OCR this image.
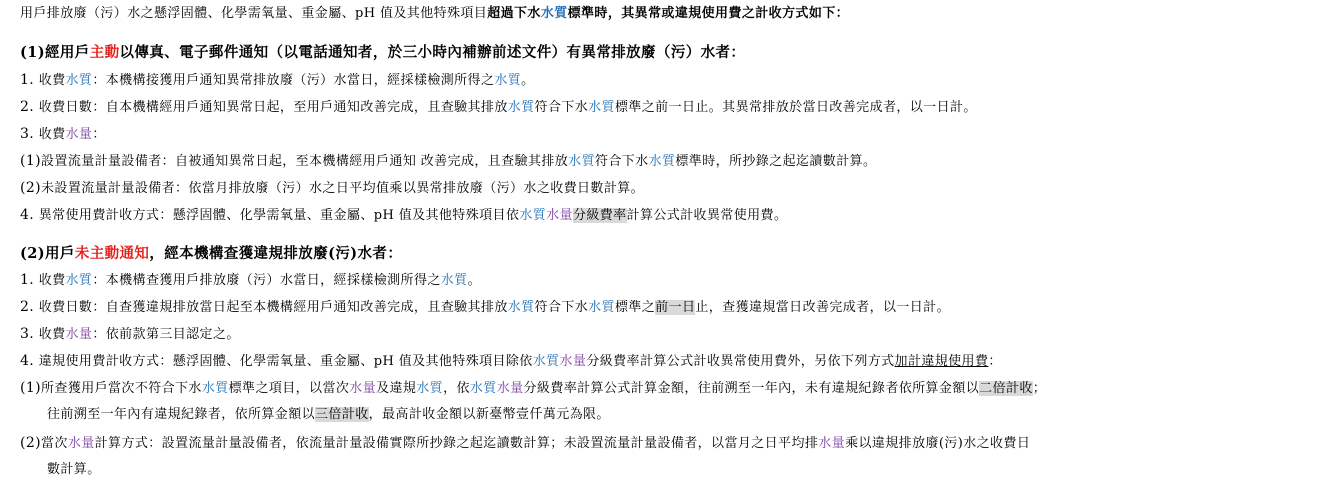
用戶排放廢（污）水之懸浮固體、化學需氧量、重金屬、pH 值及其他特殊項目超過下水水質標準時，其異常或違規使用費之計收方式如下：
(1)經用戶主動以傳真、電子郵件通知（以電話通知者，於三小時內補辦前述文件）有異常排放廢（污）水者：
1. 收費水質：本機構接獲用戶通知異常排放廢（污）水當日，經採樣檢測所得之水質。
2. 收費日數：自本機構經用戶通知異常日起，至用戶通知改善完成，且查驗其排放水質符合下水水質標準之前一日止。其異常排放於當日改善完成者，以一日計。
3. 收費水量：
(1)設置流量計量設備者：自被通知異常日起，至本機構經用戶通知 改善完成，且查驗其排放水質符合下水水質標準時，所抄錄之起迄讀數計算。
(2)未設置流量計量設備者：依當月排放廢（污）水之日平均值乘以異常排放廢（污）水之收費日數計算。
4. 異常使用費計收方式：懸浮固體、化學需氧量、重金屬、pH 值及其他特殊項目依水質水量分級費率計算公式計收異常使用費。
(2)用戶未主動通知，經本機構查獲違規排放廢(污)水者：
1. 收費水質：本機構查獲用戶排放廢（污）水當日，經採樣檢測所得之水質。
2. 收費日數：自查獲違規排放當日起至本機構經用戶通知改善完成，且查驗其排放水質符合下水水質標準之前一日止，查獲違規當日改善完成者，以一日計。
3. 收費水量：依前款第三目認定之。
4. 違規使用費計收方式：懸浮固體、化學需氧量、重金屬、pH 值及其他特殊項目除依水質水量分級費率計算公式計收異常使用費外，另依下列方式加計違規使用費：
(1)所查獲用戶當次不符合下水水質標準之項目，以當次水量及違規水質，依水質水量分級費率計算公式計算金額，往前溯至一年內，未有違規紀錄者依所算金額以二倍計收；
往前溯至一年內有違規紀錄者，依所算金額以三倍計收，最高計收金額以新臺幣壹仟萬元為限。
(2)當次水量計算方式：設置流量計量設備者，依流量計量設備實際所抄錄之起迄讀數計算；未設置流量計量設備者，以當月之日平均排水量乘以違規排放廢(污)水之收費日
數計算。
